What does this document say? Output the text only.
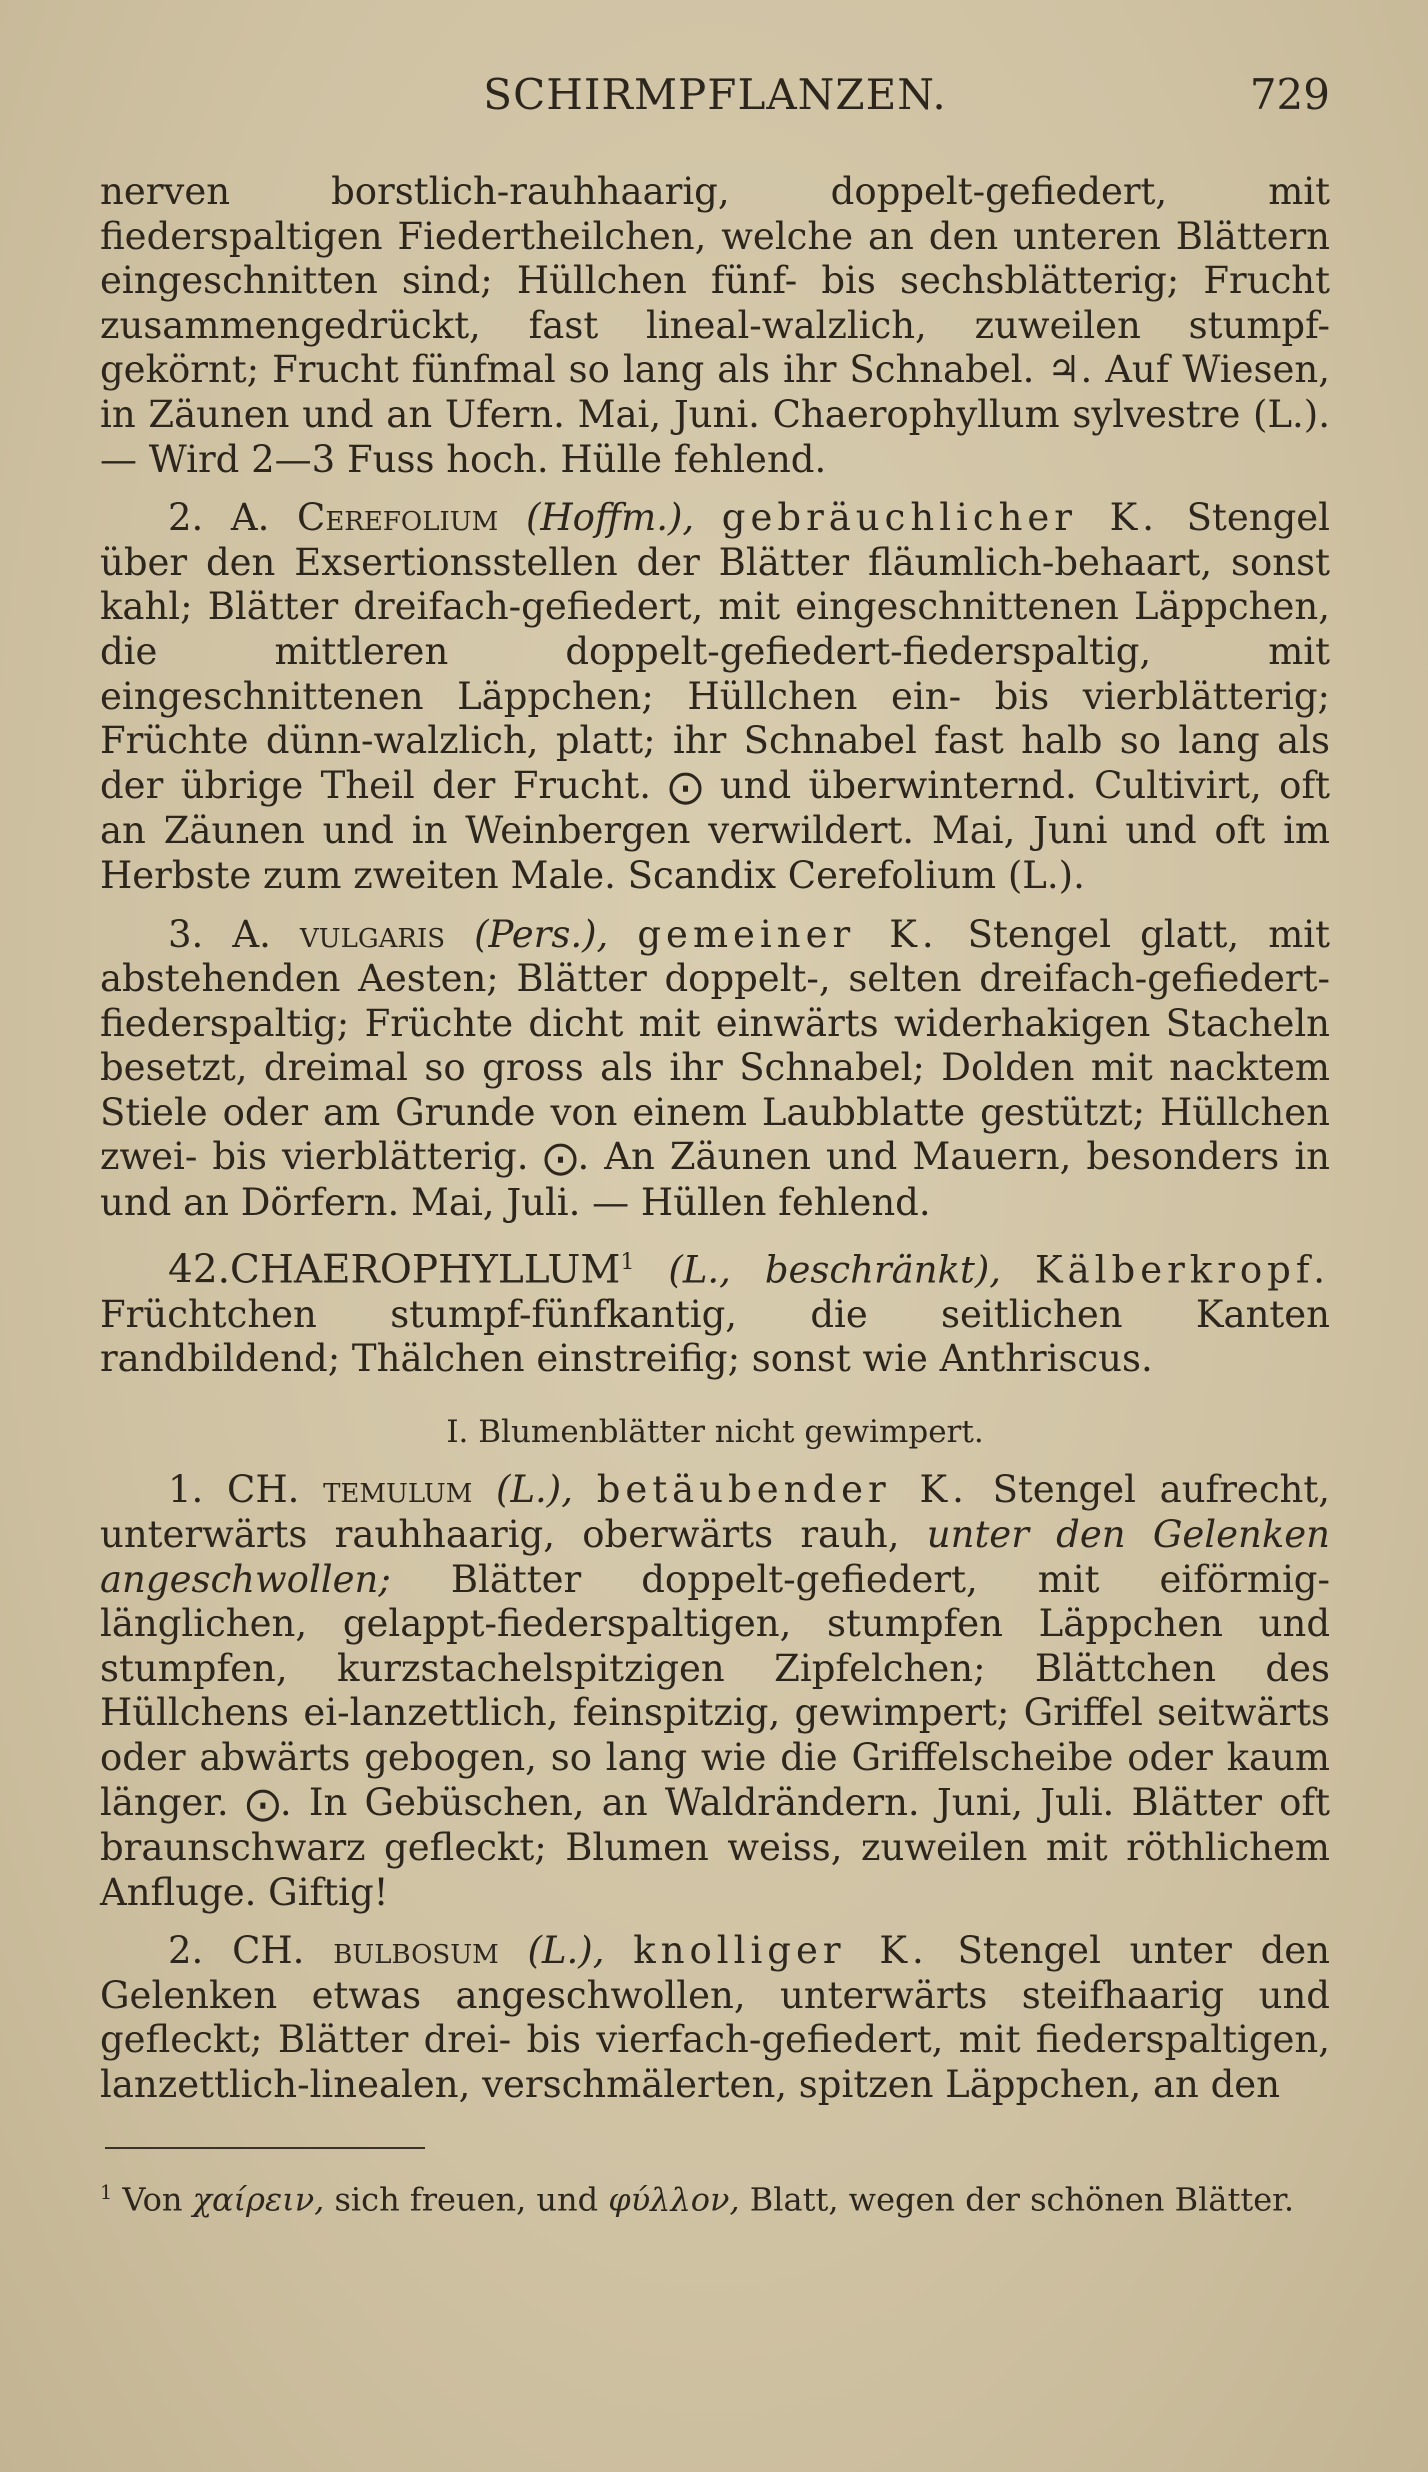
SCHIRMPFLANZEN.	729

nerven borstlich-rauhhaarig, doppelt-gefiedert, mit fiederspaltigen Fiedertheilchen, welche an den unteren Blättern eingeschnitten sind; Hüllchen fünf- bis sechsblätterig; Frucht zusammengedrückt, fast lineal-walzlich, zuweilen stumpf-gekörnt; Frucht fünfmal so lang als ihr Schnabel. ♃. Auf Wiesen, in Zäunen und an Ufern. Mai, Juni. Chaerophyllum sylvestre (L.). — Wird 2—3 Fuss hoch. Hülle fehlend.

2. A. Cerefolium (Hoffm.), gebräuchlicher K. Stengel über den Exsertionsstellen der Blätter fläumlich-behaart, sonst kahl; Blätter dreifach-gefiedert, mit eingeschnittenen Läppchen, die mittleren doppelt-gefiedert-fiederspaltig, mit eingeschnittenen Läppchen; Hüllchen ein- bis vierblätterig; Früchte dünn-walzlich, platt; ihr Schnabel fast halb so lang als der übrige Theil der Frucht. ⨀ und überwinternd. Cultivirt, oft an Zäunen und in Weinbergen verwildert. Mai, Juni und oft im Herbste zum zweiten Male. Scandix Cerefolium (L.).

3. A. vulgaris (Pers.), gemeiner K. Stengel glatt, mit abstehenden Aesten; Blätter doppelt-, selten dreifach-gefiedert-fiederspaltig; Früchte dicht mit einwärts widerhakigen Stacheln besetzt, dreimal so gross als ihr Schnabel; Dolden mit nacktem Stiele oder am Grunde von einem Laubblatte gestützt; Hüllchen zwei- bis vierblätterig. ⨀. An Zäunen und Mauern, besonders in und an Dörfern. Mai, Juli. — Hüllen fehlend.

42.CHAEROPHYLLUM$^1$ (L., beschränkt), Kälberkropf. Früchtchen stumpf-fünfkantig, die seitlichen Kanten randbildend; Thälchen einstreifig; sonst wie Anthriscus.

I. Blumenblätter nicht gewimpert.

1. CH. temulum (L.), betäubender K. Stengel aufrecht, unterwärts rauhhaarig, oberwärts rauh, unter den Gelenken angeschwollen; Blätter doppelt-gefiedert, mit eiförmig-länglichen, gelappt-fiederspaltigen, stumpfen Läppchen und stumpfen, kurzstachelspitzigen Zipfelchen; Blättchen des Hüllchens ei-lanzettlich, feinspitzig, gewimpert; Griffel seitwärts oder abwärts gebogen, so lang wie die Griffelscheibe oder kaum länger. ⨀. In Gebüschen, an Waldrändern. Juni, Juli. Blätter oft braunschwarz gefleckt; Blumen weiss, zuweilen mit röthlichem Anfluge. Giftig!

2. CH. bulbosum (L.), knolliger K. Stengel unter den Gelenken etwas angeschwollen, unterwärts steifhaarig und gefleckt; Blätter drei- bis vierfach-gefiedert, mit fiederspaltigen, lanzettlich-linealen, verschmälerten, spitzen Läppchen, an den

$^1$ Von χαίρειν, sich freuen, und φύλλον, Blatt, wegen der schönen Blätter.
